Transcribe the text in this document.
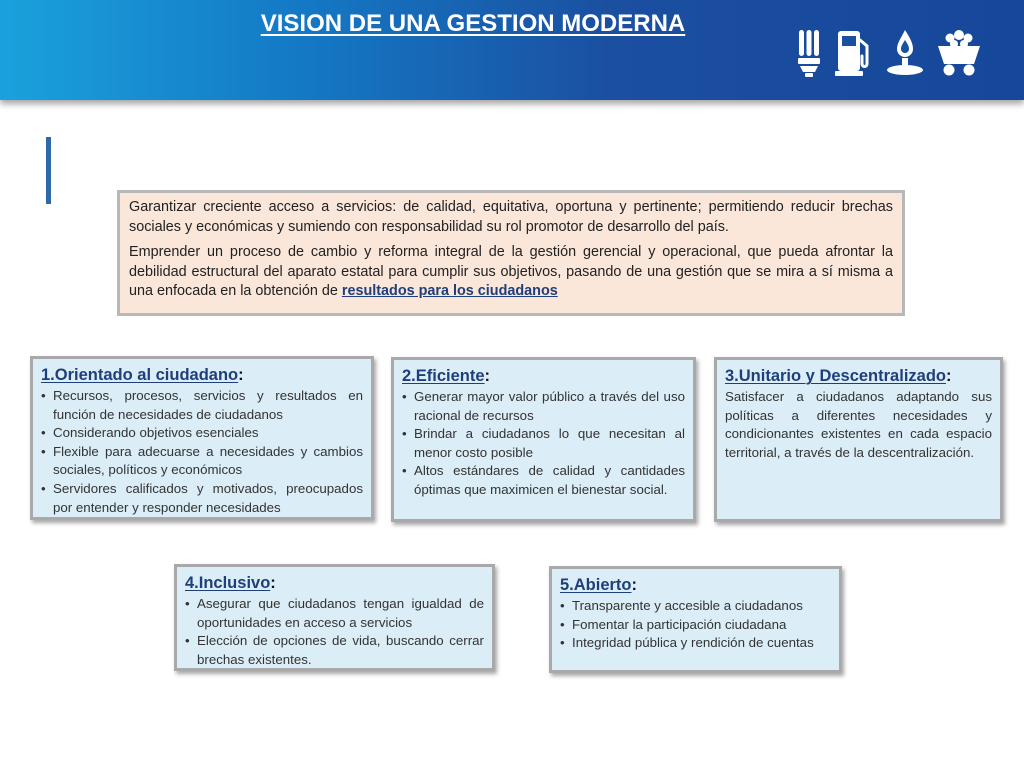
VISION DE UNA GESTION MODERNA

Garantizar creciente acceso a servicios: de calidad, equitativa, oportuna y pertinente; permitiendo reducir brechas sociales y económicas y sumiendo con responsabilidad su rol promotor de desarrollo del país.

Emprender un proceso de cambio y reforma integral de la gestión gerencial y operacional, que pueda afrontar la debilidad estructural del aparato estatal para cumplir sus objetivos, pasando de una gestión que se mira a sí misma a una enfocada en la obtención de resultados para los ciudadanos

1.Orientado al ciudadano:
• Recursos, procesos, servicios y resultados en función de necesidades de ciudadanos
• Considerando objetivos esenciales
• Flexible para adecuarse a necesidades y cambios sociales, políticos y económicos
• Servidores calificados y motivados, preocupados por entender y responder necesidades
2.Eficiente:
• Generar mayor valor público a través del uso racional de recursos
• Brindar a ciudadanos lo que necesitan al menor costo posible
• Altos estándares de calidad y cantidades óptimas que maximicen el bienestar social.
3.Unitario y Descentralizado:

Satisfacer a ciudadanos adaptando sus políticas a diferentes necesidades y condicionantes existentes en cada espacio territorial, a través de la descentralización.

4.Inclusivo:
• Asegurar que ciudadanos tengan igualdad de oportunidades en acceso a servicios
• Elección de opciones de vida, buscando cerrar brechas existentes.
5.Abierto:
• Transparente y accesible a ciudadanos
• Fomentar la participación ciudadana
• Integridad pública y rendición de cuentas
